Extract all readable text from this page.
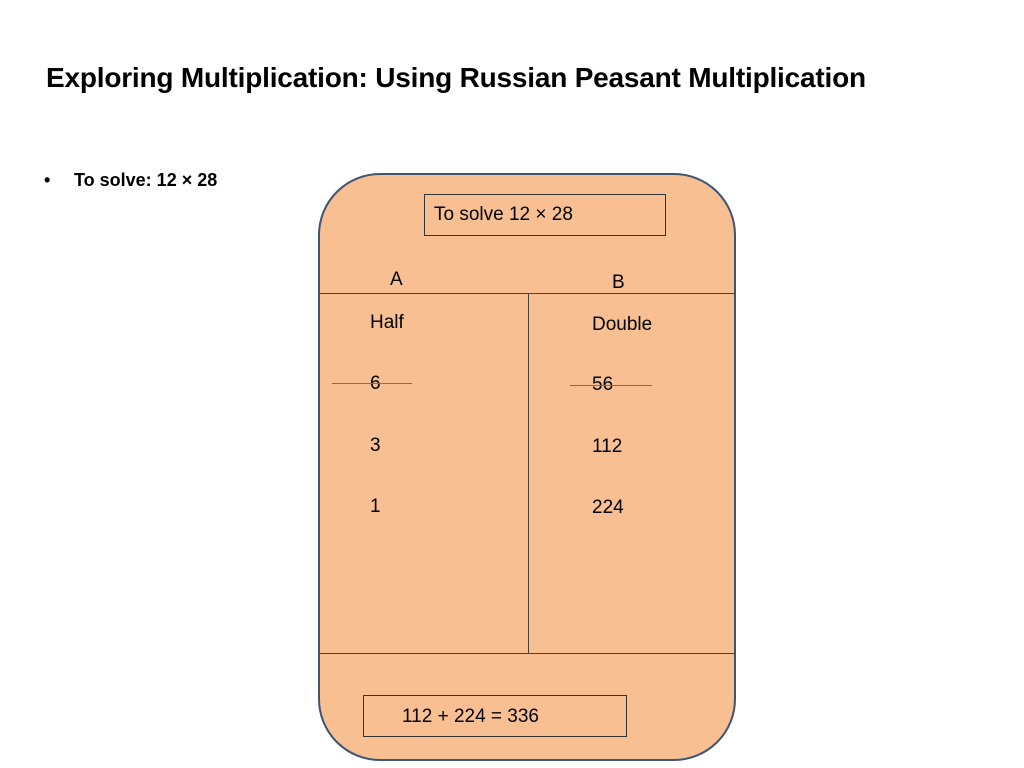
Exploring Multiplication: Using Russian Peasant Multiplication
• To solve: 12 × 28
To solve 12 × 28
A	B
Half	Double
6
3
1
56
112
224
112 + 224 = 336
